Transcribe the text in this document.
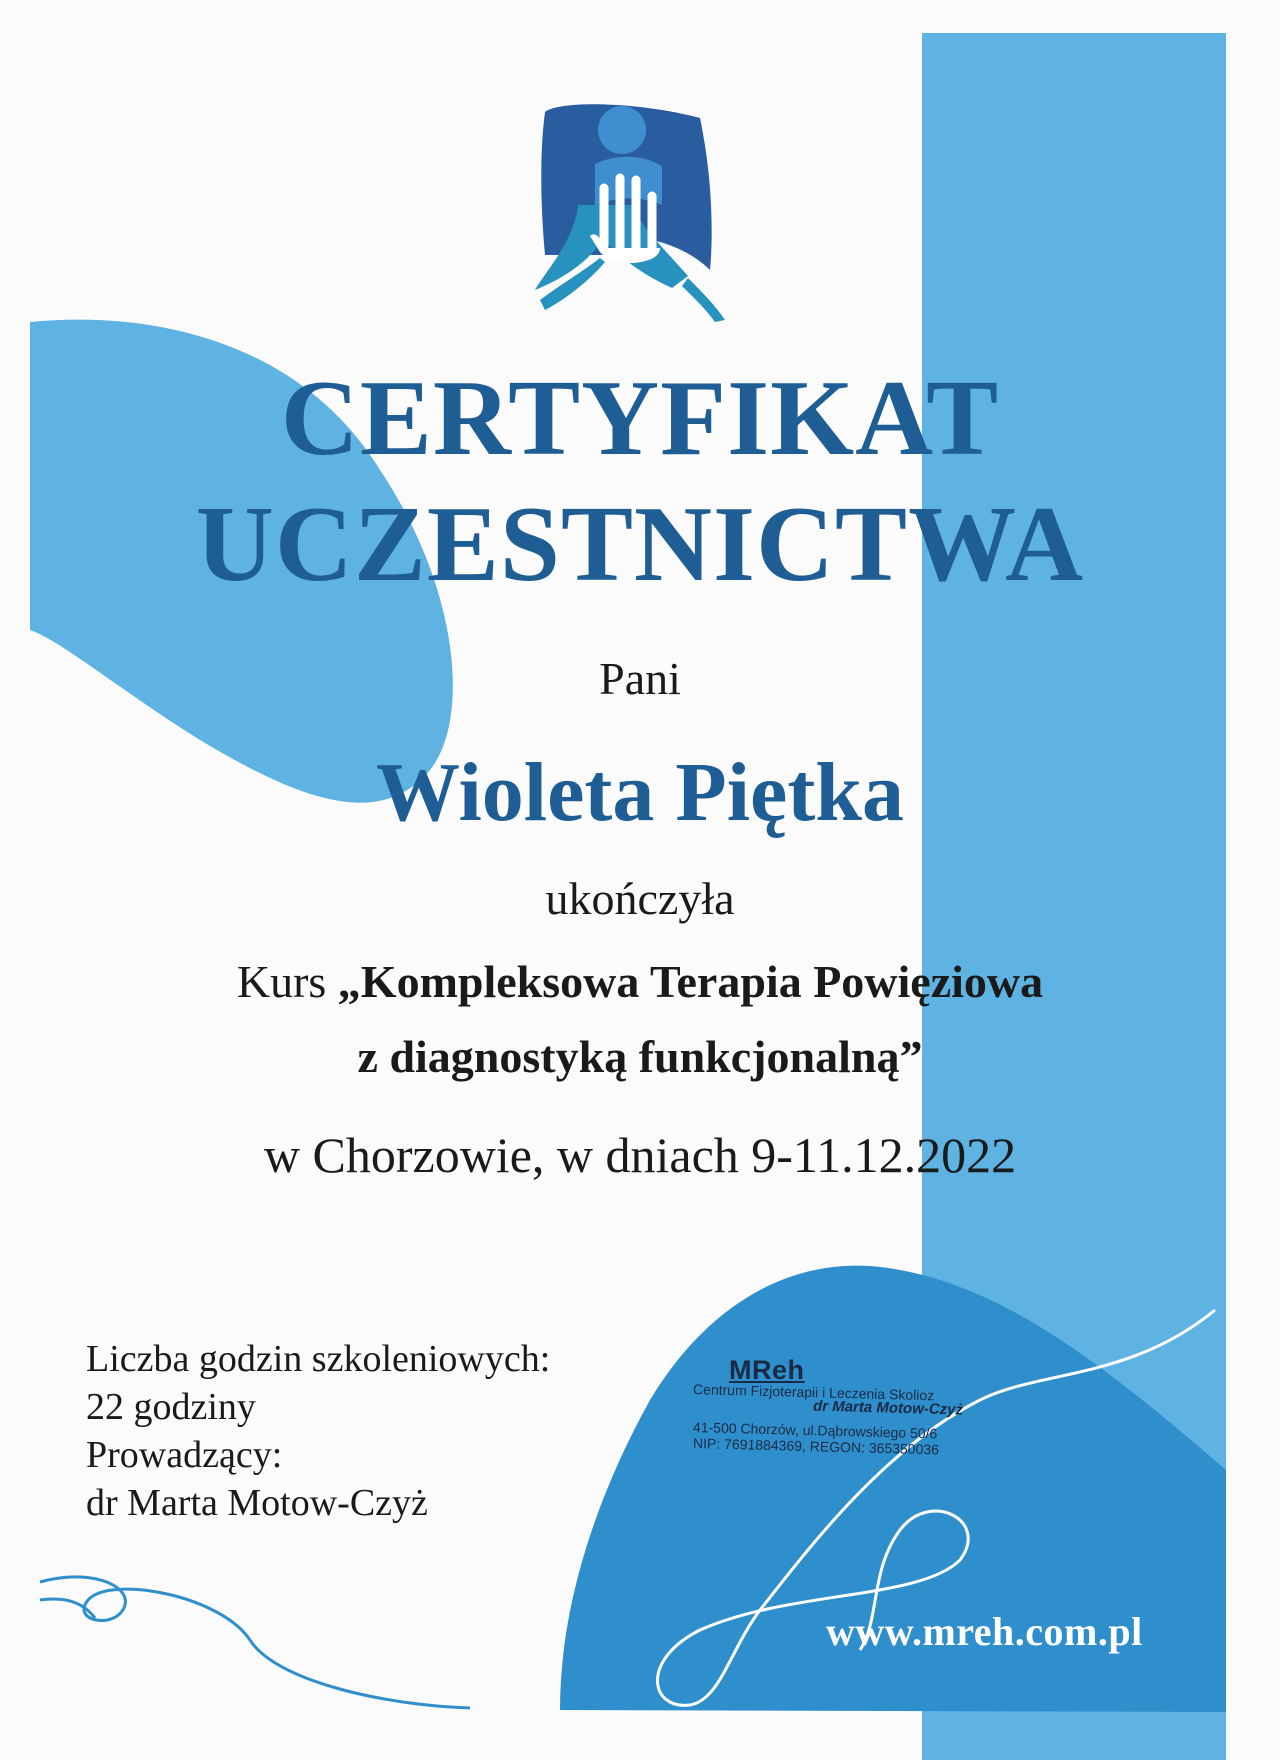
CERTYFIKAT

UCZESTNICTWA

Pani

Wioleta Piętka

ukończyła

Kurs „Kompleksowa Terapia Powięziowa

z diagnostyką funkcjonalną”

w Chorzowie, w dniach 9-11.12.2022

Liczba godzin szkoleniowych:
22 godziny
Prowadzący:
dr Marta Motow-Czyż
MReh
Centrum Fizjoterapii i Leczenia Skolioz
dr Marta Motow-Czyż
41-500 Chorzów, ul.Dąbrowskiego 50/6
NIP: 7691884369, REGON: 365350036
www.mreh.com.pl
